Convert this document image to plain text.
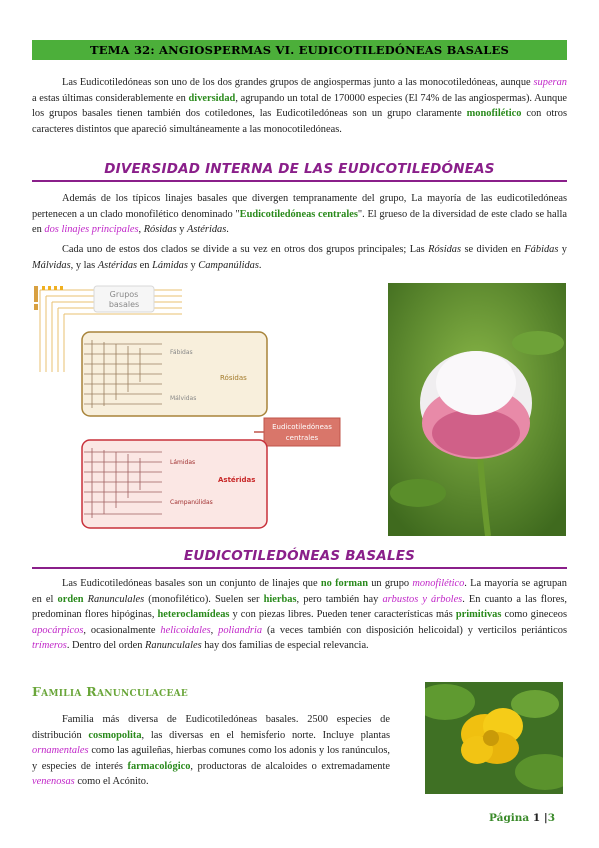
TEMA 32: ANGIOSPERMAS VI. EUDICOTILEDÓNEAS BASALES
Las Eudicotiledóneas son uno de los dos grandes grupos de angiospermas junto a las monocotiledóneas, aunque superan a estas últimas considerablemente en diversidad, agrupando un total de 170000 especies (El 74% de las angiospermas). Aunque los grupos basales tienen también dos cotiledones, las Eudicotiledóneas son un grupo claramente monofilético con otros caracteres distintos que apareció simultáneamente a las monocotiledóneas.
DIVERSIDAD INTERNA DE LAS EUDICOTILEDÓNEAS
Además de los típicos linajes basales que divergen tempranamente del grupo, La mayoría de las eudicotiledóneas pertenecen a un clado monofilético denominado "Eudicotiledóneas centrales". El grueso de la diversidad de este clado se halla en dos linajes principales, Rósidas y Astéridas.
Cada uno de estos dos clados se divide a su vez en otros dos grupos principales; Las Rósidas se dividen en Fábidas y Málvidas, y las Astéridas en Lámidas y Campanúlidas.
Grupos
basales
Fábidas
Rósidas
Málvidas
Eudicotiledóneas
centrales
Lámidas
Astéridas
Campanúlidas
EUDICOTILEDÓNEAS BASALES
Las Eudicotiledóneas basales son un conjunto de linajes que no forman un grupo monofilético. La mayoría se agrupan en el orden Ranunculales (monofilético). Suelen ser hierbas, pero también hay arbustos y árboles. En cuanto a las flores, predominan flores hipóginas, heteroclamídeas y con piezas libres. Pueden tener características más primitivas como gineceos apocárpicos, ocasionalmente helicoidales, poliandria (a veces también con disposición helicoidal) y verticilos periánticos trímeros. Dentro del orden Ranunculales hay dos familias de especial relevancia.
Familia Ranunculaceae
Familia más diversa de Eudicotiledóneas basales. 2500 especies de distribución cosmopolita, las diversas en el hemisferio norte. Incluye plantas ornamentales como las aguileñas, hierbas comunes como los adonis y los ranúnculos, y especies de interés farmacológico, productoras de alcaloides o extremadamente venenosas como el Acónito.
Página 1 |3
